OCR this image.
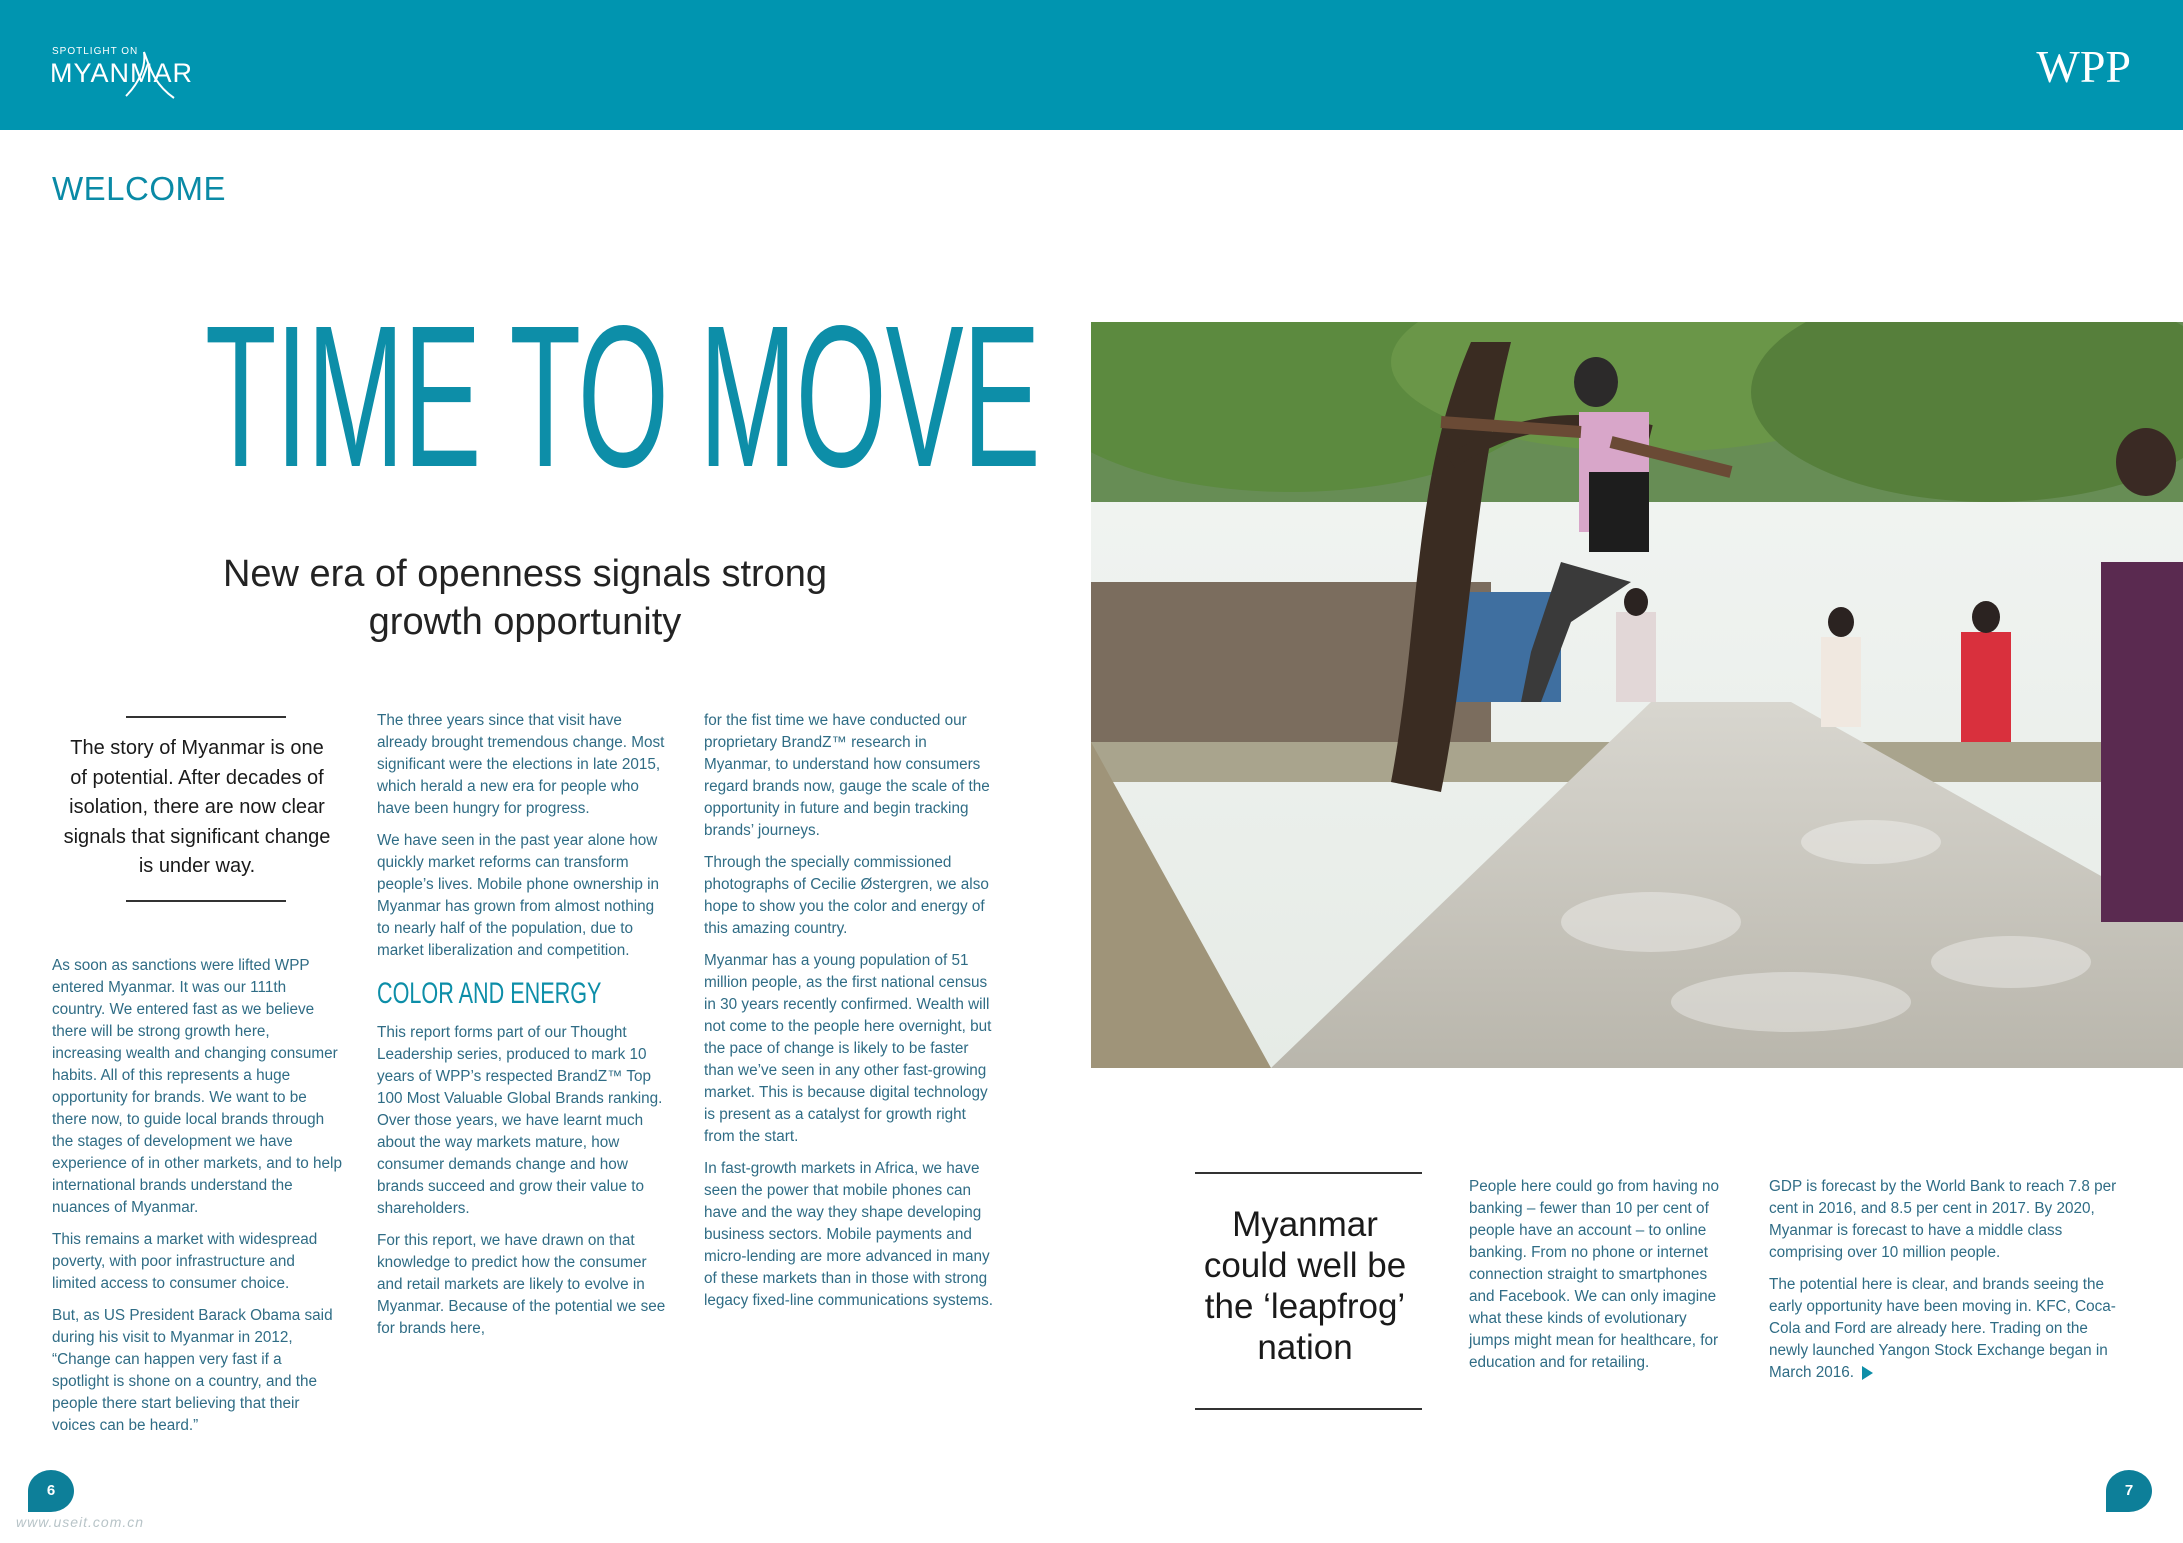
SPOTLIGHT ON
MYANMAR	WPP
WELCOME
TIME TO MOVE
New era of openness signals strong growth opportunity
The story of Myanmar is one of potential. After decades of isolation, there are now clear signals that significant change is under way.

As soon as sanctions were lifted WPP entered Myanmar. It was our 111th country. We entered fast as we believe there will be strong growth here, increasing wealth and changing consumer habits. All of this represents a huge opportunity for brands. We want to be there now, to guide local brands through the stages of development we have experience of in other markets, and to help international brands understand the nuances of Myanmar.

This remains a market with widespread poverty, with poor infrastructure and limited access to consumer choice.

But, as US President Barack Obama said during his visit to Myanmar in 2012, “Change can happen very fast if a spotlight is shone on a country, and the people there start believing that their voices can be heard.”

The three years since that visit have already brought tremendous change. Most significant were the elections in late 2015, which herald a new era for people who have been hungry for progress.

We have seen in the past year alone how quickly market reforms can transform people’s lives. Mobile phone ownership in Myanmar has grown from almost nothing to nearly half of the population, due to market liberalization and competition.

COLOR AND ENERGY

This report forms part of our Thought Leadership series, produced to mark 10 years of WPP’s respected BrandZ™ Top 100 Most Valuable Global Brands ranking. Over those years, we have learnt much about the way markets mature, how consumer demands change and how brands succeed and grow their value to shareholders.

For this report, we have drawn on that knowledge to predict how the consumer and retail markets are likely to evolve in Myanmar. Because of the potential we see for brands here,

for the fist time we have conducted our proprietary BrandZ™ research in Myanmar, to understand how consumers regard brands now, gauge the scale of the opportunity in future and begin tracking brands’ journeys.

Through the specially commissioned photographs of Cecilie Østergren, we also hope to show you the color and energy of this amazing country.

Myanmar has a young population of 51 million people, as the first national census in 30 years recently confirmed. Wealth will not come to the people here overnight, but the pace of change is likely to be faster than we’ve seen in any other fast-growing market. This is because digital technology is present as a catalyst for growth right from the start.

In fast-growth markets in Africa, we have seen the power that mobile phones can have and the way they shape developing business sectors. Mobile payments and micro-lending are more advanced in many of these markets than in those with strong legacy fixed-line communications systems.

Myanmar could well be the ‘leapfrog’ nation

People here could go from having no banking – fewer than 10 per cent of people have an account – to online banking. From no phone or internet connection straight to smartphones and Facebook. We can only imagine what these kinds of evolutionary jumps might mean for healthcare, for education and for retailing.

GDP is forecast by the World Bank to reach 7.8 per cent in 2016, and 8.5 per cent in 2017. By 2020, Myanmar is forecast to have a middle class comprising over 10 million people.

The potential here is clear, and brands seeing the early opportunity have been moving in. KFC, Coca-Cola and Ford are already here. Trading on the newly launched Yangon Stock Exchange began in March 2016.

6	7
www.useit.com.cn
